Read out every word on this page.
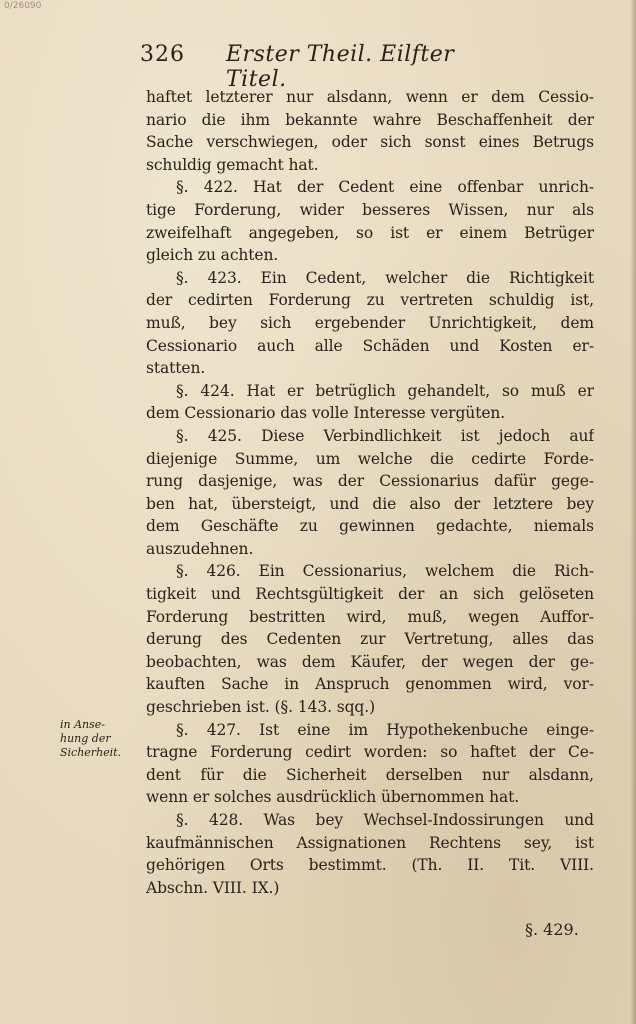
0/26090
326 Erster Theil. Eilfter Titel.
haftet letzterer nur alsdann, wenn er dem Cessio-
nario die ihm bekannte wahre Beschaffenheit der
Sache verschwiegen, oder sich sonst eines Betrugs
schuldig gemacht hat.
§. 422. Hat der Cedent eine offenbar unrich-
tige Forderung, wider besseres Wissen, nur als
zweifelhaft angegeben, so ist er einem Betrüger
gleich zu achten.
§. 423. Ein Cedent, welcher die Richtigkeit
der cedirten Forderung zu vertreten schuldig ist,
muß, bey sich ergebender Unrichtigkeit, dem
Cessionario auch alle Schäden und Kosten er-
statten.
§. 424. Hat er betrüglich gehandelt, so muß er
dem Cessionario das volle Interesse vergüten.
§. 425. Diese Verbindlichkeit ist jedoch auf
diejenige Summe, um welche die cedirte Forde-
rung dasjenige, was der Cessionarius dafür gege-
ben hat, übersteigt, und die also der letztere bey
dem Geschäfte zu gewinnen gedachte, niemals
auszudehnen.
§. 426. Ein Cessionarius, welchem die Rich-
tigkeit und Rechtsgültigkeit der an sich gelöseten
Forderung bestritten wird, muß, wegen Auffor-
derung des Cedenten zur Vertretung, alles das
beobachten, was dem Käufer, der wegen der ge-
kauften Sache in Anspruch genommen wird, vor-
geschrieben ist. (§. 143. sqq.)
§. 427. Ist eine im Hypothekenbuche einge-
tragne Forderung cedirt worden: so haftet der Ce-
dent für die Sicherheit derselben nur alsdann,
wenn er solches ausdrücklich übernommen hat.
§. 428. Was bey Wechsel-Indossirungen und
kaufmännischen Assignationen Rechtens sey, ist
gehörigen Orts bestimmt. (Th. II. Tit. VIII.
Abschn. VIII. IX.)
in Anse-
hung der
Sicherheit.
§. 429.
